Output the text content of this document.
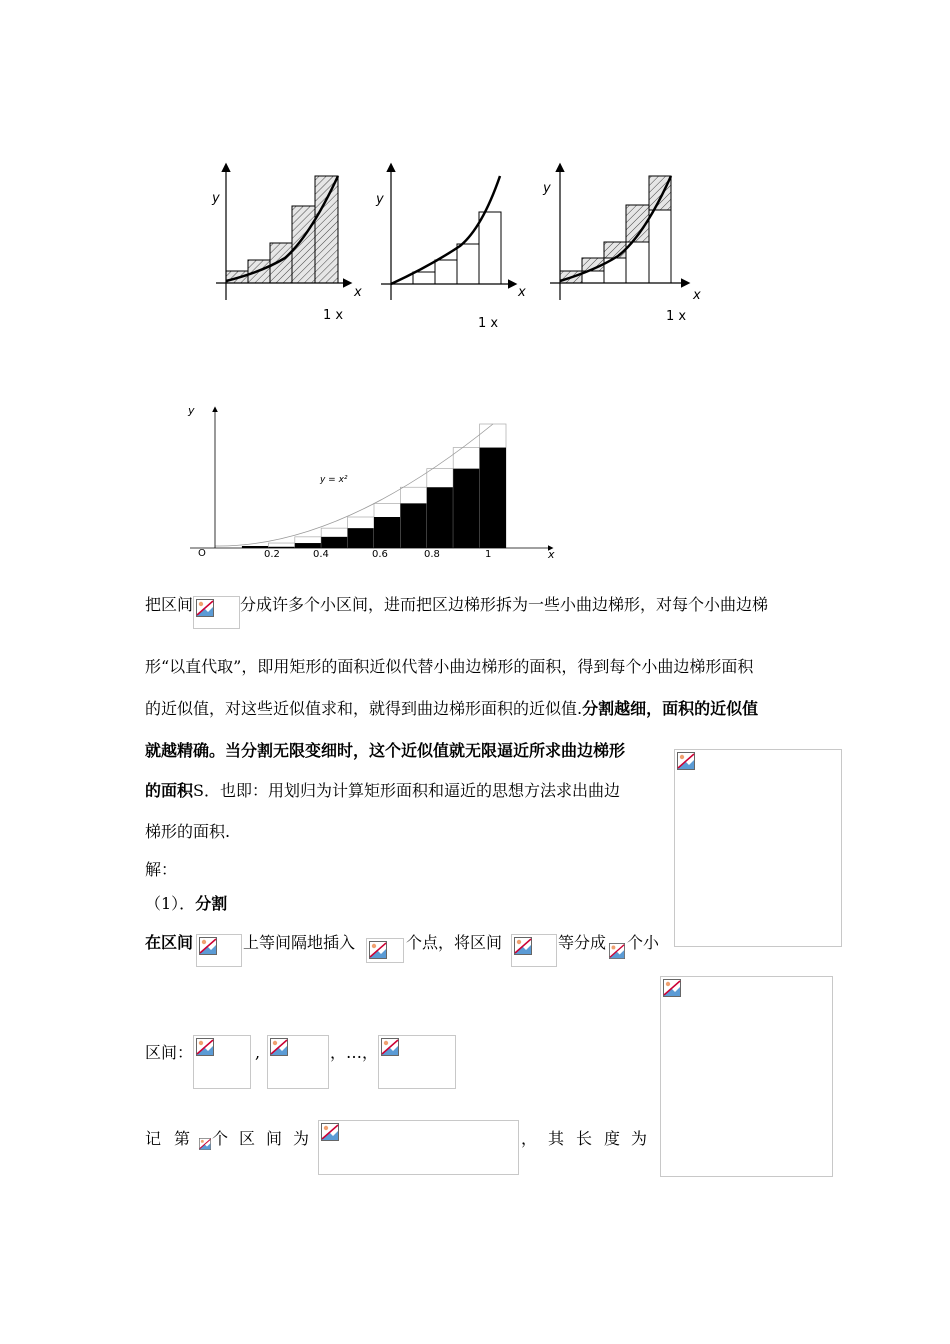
y
x
1 x
y
x
1 x
y
x
1 x
y
x
O
y = x²
0.2	0.4	0.6	0.8	1
把区间	分成许多个小区间，进而把区边梯形拆为一些小曲边梯形，对每个小曲边梯
形“以直代取”，即用矩形的面积近似代替小曲边梯形的面积，得到每个小曲边梯形面积
的近似值，对这些近似值求和，就得到曲边梯形面积的近似值.分割越细，面积的近似值
就越精确。当分割无限变细时，这个近似值就无限逼近所求曲边梯形
的面积S．也即：用划归为计算矩形面积和逼近的思想方法求出曲边
梯形的面积.
解：
（1）．分割
在区间	上等间隔地插入	个点，将区间	等分成 个小
区间：	,	，…，
记 第 个 区 间 为	， 其 长 度 为
